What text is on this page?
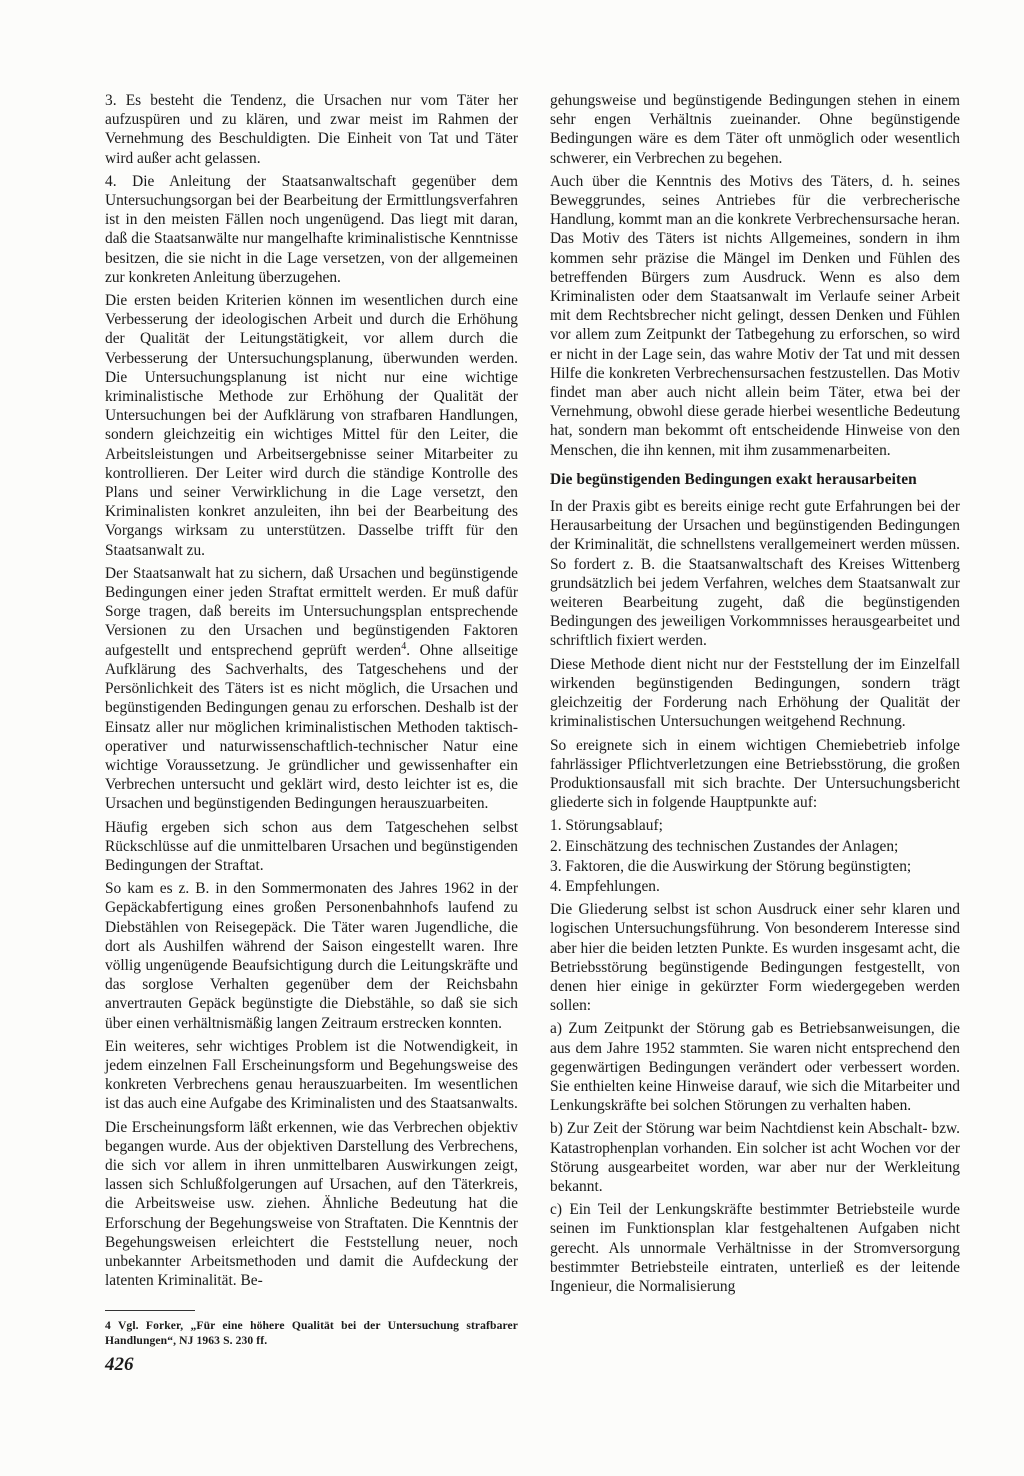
3. Es besteht die Tendenz, die Ursachen nur vom Täter her aufzuspüren und zu klären, und zwar meist im Rahmen der Vernehmung des Beschuldigten. Die Einheit von Tat und Täter wird außer acht gelassen.

4. Die Anleitung der Staatsanwaltschaft gegenüber dem Untersuchungsorgan bei der Bearbeitung der Ermittlungsverfahren ist in den meisten Fällen noch ungenügend. Das liegt mit daran, daß die Staatsanwälte nur mangelhafte kriminalistische Kenntnisse besitzen, die sie nicht in die Lage versetzen, von der allgemeinen zur konkreten Anleitung überzugehen.

Die ersten beiden Kriterien können im wesentlichen durch eine Verbesserung der ideologischen Arbeit und durch die Erhöhung der Qualität der Leitungstätigkeit, vor allem durch die Verbesserung der Untersuchungsplanung, überwunden werden. Die Untersuchungsplanung ist nicht nur eine wichtige kriminalistische Methode zur Erhöhung der Qualität der Untersuchungen bei der Aufklärung von strafbaren Handlungen, sondern gleichzeitig ein wichtiges Mittel für den Leiter, die Arbeitsleistungen und Arbeitsergebnisse seiner Mitarbeiter zu kontrollieren. Der Leiter wird durch die ständige Kontrolle des Plans und seiner Verwirklichung in die Lage versetzt, den Kriminalisten konkret anzuleiten, ihn bei der Bearbeitung des Vorgangs wirksam zu unterstützen. Dasselbe trifft für den Staatsanwalt zu.

Der Staatsanwalt hat zu sichern, daß Ursachen und begünstigende Bedingungen einer jeden Straftat ermittelt werden. Er muß dafür Sorge tragen, daß bereits im Untersuchungsplan entsprechende Versionen zu den Ursachen und begünstigenden Faktoren aufgestellt und entsprechend geprüft werden$^4$. Ohne allseitige Aufklärung des Sachverhalts, des Tatgeschehens und der Persönlichkeit des Täters ist es nicht möglich, die Ursachen und begünstigenden Bedingungen genau zu erforschen. Deshalb ist der Einsatz aller nur möglichen kriminalistischen Methoden taktisch-operativer und naturwissenschaftlich-technischer Natur eine wichtige Voraussetzung. Je gründlicher und gewissenhafter ein Verbrechen untersucht und geklärt wird, desto leichter ist es, die Ursachen und begünstigenden Bedingungen herauszuarbeiten.

Häufig ergeben sich schon aus dem Tatgeschehen selbst Rückschlüsse auf die unmittelbaren Ursachen und begünstigenden Bedingungen der Straftat.

So kam es z. B. in den Sommermonaten des Jahres 1962 in der Gepäckabfertigung eines großen Personenbahnhofs laufend zu Diebstählen von Reisegepäck. Die Täter waren Jugendliche, die dort als Aushilfen während der Saison eingestellt waren. Ihre völlig ungenügende Beaufsichtigung durch die Leitungskräfte und das sorglose Verhalten gegenüber dem der Reichsbahn anvertrauten Gepäck begünstigte die Diebstähle, so daß sie sich über einen verhältnismäßig langen Zeitraum erstrecken konnten.

Ein weiteres, sehr wichtiges Problem ist die Notwendigkeit, in jedem einzelnen Fall Erscheinungsform und Begehungsweise des konkreten Verbrechens genau herauszuarbeiten. Im wesentlichen ist das auch eine Aufgabe des Kriminalisten und des Staatsanwalts.

Die Erscheinungsform läßt erkennen, wie das Verbrechen objektiv begangen wurde. Aus der objektiven Darstellung des Verbrechens, die sich vor allem in ihren unmittelbaren Auswirkungen zeigt, lassen sich Schlußfolgerungen auf Ursachen, auf den Täterkreis, die Arbeitsweise usw. ziehen. Ähnliche Bedeutung hat die Erforschung der Begehungsweise von Straftaten. Die Kenntnis der Begehungsweisen erleichtert die Feststellung neuer, noch unbekannter Arbeitsmethoden und damit die Aufdeckung der latenten Kriminalität. Be-

4 Vgl. Forker, „Für eine höhere Qualität bei der Untersuchung strafbarer Handlungen“, NJ 1963 S. 230 ff.
426

gehungsweise und begünstigende Bedingungen stehen in einem sehr engen Verhältnis zueinander. Ohne begünstigende Bedingungen wäre es dem Täter oft unmöglich oder wesentlich schwerer, ein Verbrechen zu begehen.

Auch über die Kenntnis des Motivs des Täters, d. h. seines Beweggrundes, seines Antriebes für die verbrecherische Handlung, kommt man an die konkrete Verbrechensursache heran. Das Motiv des Täters ist nichts Allgemeines, sondern in ihm kommen sehr präzise die Mängel im Denken und Fühlen des betreffenden Bürgers zum Ausdruck. Wenn es also dem Kriminalisten oder dem Staatsanwalt im Verlaufe seiner Arbeit mit dem Rechtsbrecher nicht gelingt, dessen Denken und Fühlen vor allem zum Zeitpunkt der Tatbegehung zu erforschen, so wird er nicht in der Lage sein, das wahre Motiv der Tat und mit dessen Hilfe die konkreten Verbrechensursachen festzustellen. Das Motiv findet man aber auch nicht allein beim Täter, etwa bei der Vernehmung, obwohl diese gerade hierbei wesentliche Bedeutung hat, sondern man bekommt oft entscheidende Hinweise von den Menschen, die ihn kennen, mit ihm zusammenarbeiten.

Die begünstigenden Bedingungen exakt herausarbeiten

In der Praxis gibt es bereits einige recht gute Erfahrungen bei der Herausarbeitung der Ursachen und begünstigenden Bedingungen der Kriminalität, die schnellstens verallgemeinert werden müssen. So fordert z. B. die Staatsanwaltschaft des Kreises Wittenberg grundsätzlich bei jedem Verfahren, welches dem Staatsanwalt zur weiteren Bearbeitung zugeht, daß die begünstigenden Bedingungen des jeweiligen Vorkommnisses herausgearbeitet und schriftlich fixiert werden.

Diese Methode dient nicht nur der Feststellung der im Einzelfall wirkenden begünstigenden Bedingungen, sondern trägt gleichzeitig der Forderung nach Erhöhung der Qualität der kriminalistischen Untersuchungen weitgehend Rechnung.

So ereignete sich in einem wichtigen Chemiebetrieb infolge fahrlässiger Pflichtverletzungen eine Betriebsstörung, die großen Produktionsausfall mit sich brachte. Der Untersuchungsbericht gliederte sich in folgende Hauptpunkte auf:

1. Störungsablauf;
2. Einschätzung des technischen Zustandes der Anlagen;
3. Faktoren, die die Auswirkung der Störung begünstigten;
4. Empfehlungen.

Die Gliederung selbst ist schon Ausdruck einer sehr klaren und logischen Untersuchungsführung. Von besonderem Interesse sind aber hier die beiden letzten Punkte. Es wurden insgesamt acht, die Betriebsstörung begünstigende Bedingungen festgestellt, von denen hier einige in gekürzter Form wiedergegeben werden sollen:

a) Zum Zeitpunkt der Störung gab es Betriebsanweisungen, die aus dem Jahre 1952 stammten. Sie waren nicht entsprechend den gegenwärtigen Bedingungen verändert oder verbessert worden. Sie enthielten keine Hinweise darauf, wie sich die Mitarbeiter und Lenkungskräfte bei solchen Störungen zu verhalten haben.

b) Zur Zeit der Störung war beim Nachtdienst kein Abschalt- bzw. Katastrophenplan vorhanden. Ein solcher ist acht Wochen vor der Störung ausgearbeitet worden, war aber nur der Werkleitung bekannt.

c) Ein Teil der Lenkungskräfte bestimmter Betriebsteile wurde seinen im Funktionsplan klar festgehaltenen Aufgaben nicht gerecht. Als unnormale Verhältnisse in der Stromversorgung bestimmter Betriebsteile eintraten, unterließ es der leitende Ingenieur, die Normalisierung
